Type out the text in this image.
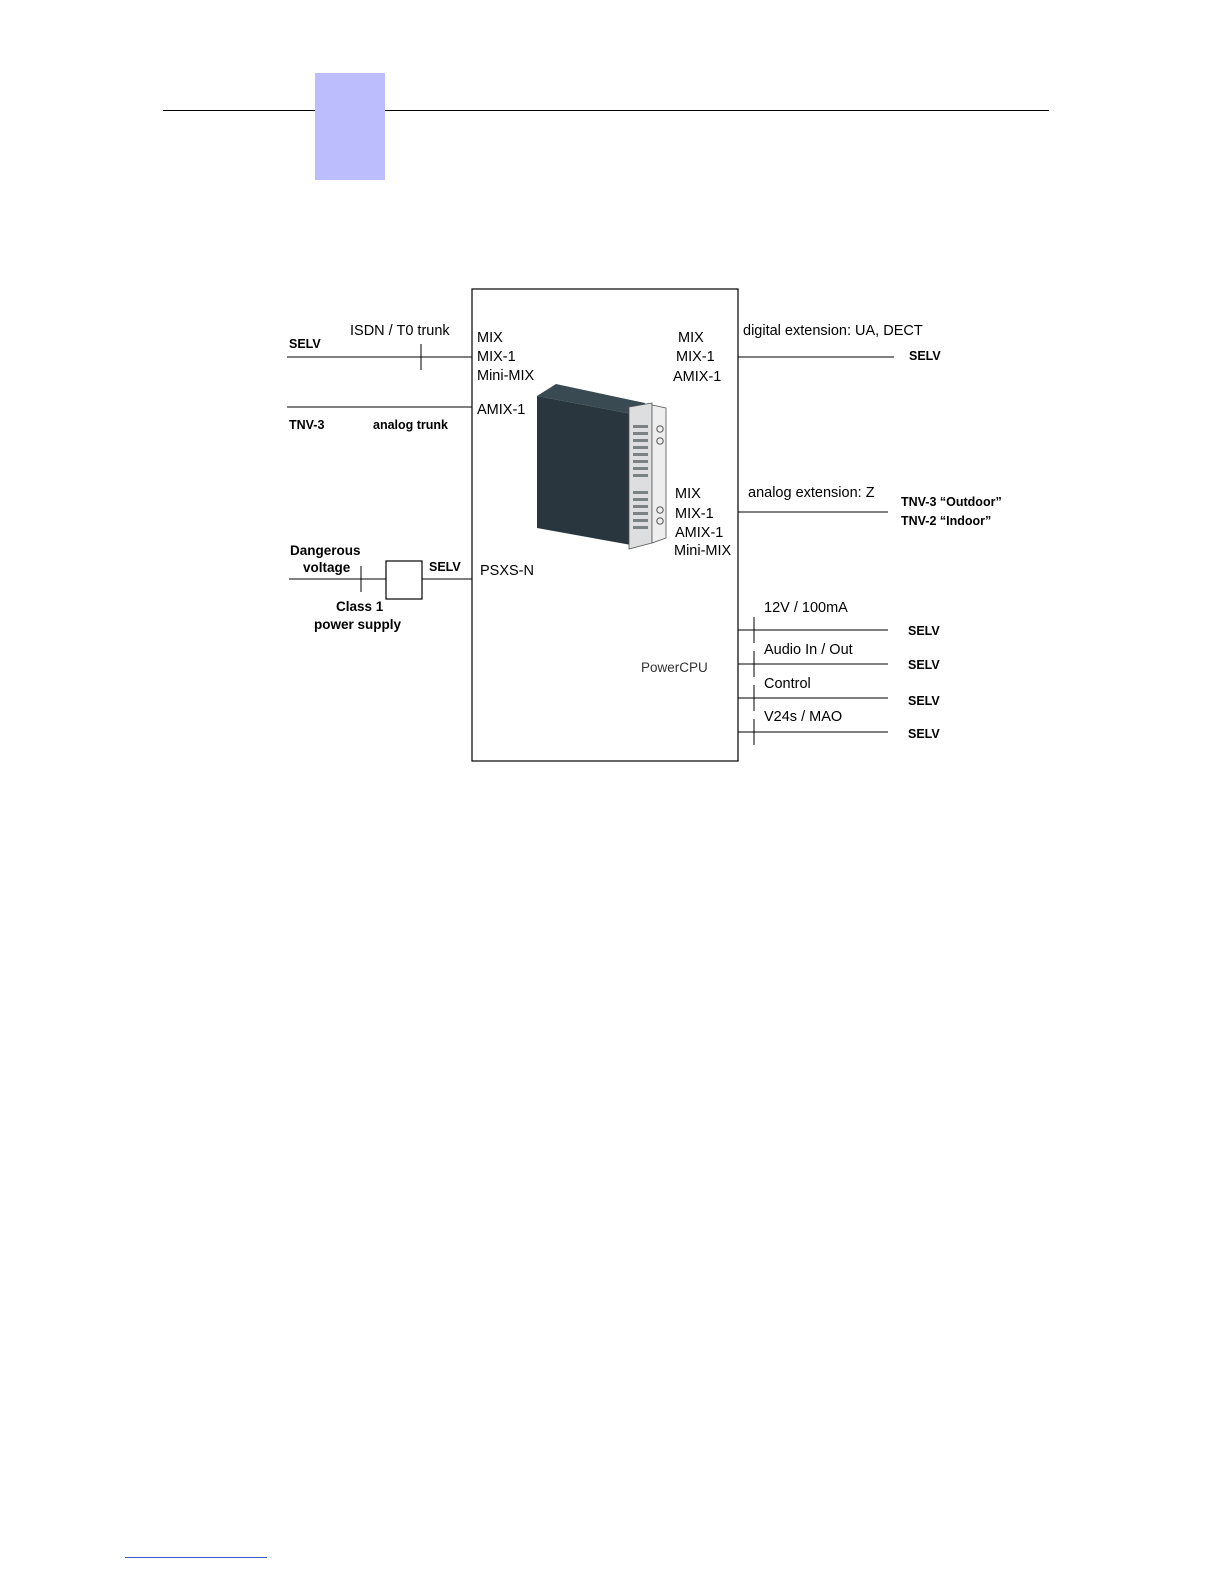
ISDN / T0 trunk
SELV
TNV-3	analog trunk
Dangerous
voltage	SELV
Class 1
power supply
MIX
MIX-1
Mini-MIX
AMIX-1
PSXS-N
MIX
MIX-1
AMIX-1
MIX
MIX-1
AMIX-1
Mini-MIX
PowerCPU
digital extension: UA, DECT
SELV
analog extension: Z
TNV-3 “Outdoor”
TNV-2 “Indoor”
12V / 100mA
SELV
Audio In / Out
SELV
Control
SELV
V24s / MAO
SELV
